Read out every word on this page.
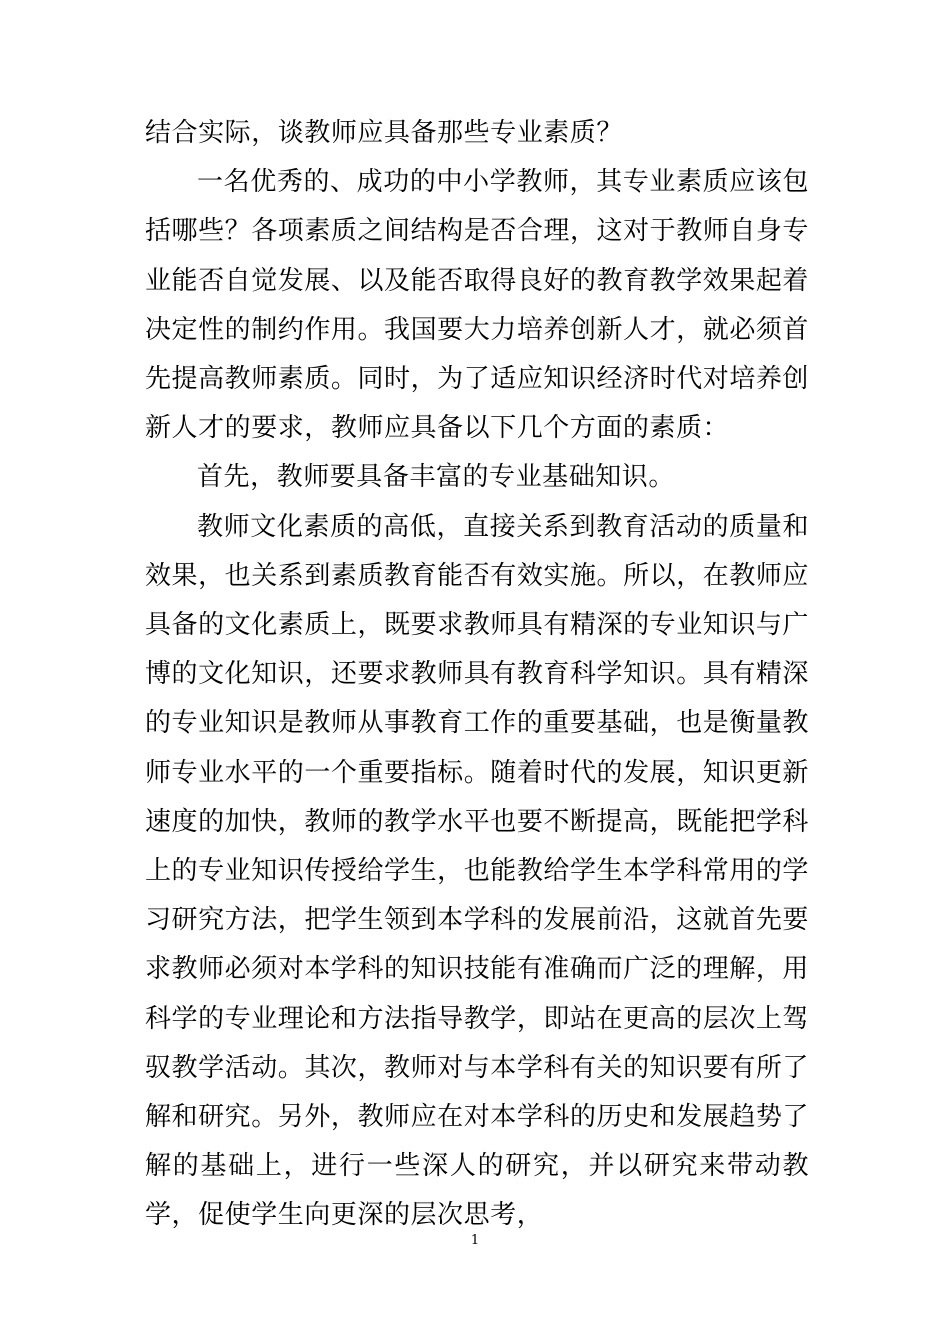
结合实际，谈教师应具备那些专业素质？

一名优秀的、成功的中小学教师，其专业素质应该包括哪些？各项素质之间结构是否合理，这对于教师自身专业能否自觉发展、以及能否取得良好的教育教学效果起着决定性的制约作用。我国要大力培养创新人才，就必须首先提高教师素质。同时，为了适应知识经济时代对培养创新人才的要求，教师应具备以下几个方面的素质：

首先，教师要具备丰富的专业基础知识。

教师文化素质的高低，直接关系到教育活动的质量和效果，也关系到素质教育能否有效实施。所以，在教师应具备的文化素质上，既要求教师具有精深的专业知识与广博的文化知识，还要求教师具有教育科学知识。具有精深的专业知识是教师从事教育工作的重要基础，也是衡量教师专业水平的一个重要指标。随着时代的发展，知识更新速度的加快，教师的教学水平也要不断提高，既能把学科上的专业知识传授给学生，也能教给学生本学科常用的学习研究方法，把学生领到本学科的发展前沿，这就首先要求教师必须对本学科的知识技能有准确而广泛的理解，用科学的专业理论和方法指导教学，即站在更高的层次上驾驭教学活动。其次，教师对与本学科有关的知识要有所了解和研究。另外，教师应在对本学科的历史和发展趋势了解的基础上，进行一些深人的研究，并以研究来带动教学，促使学生向更深的层次思考，

1
